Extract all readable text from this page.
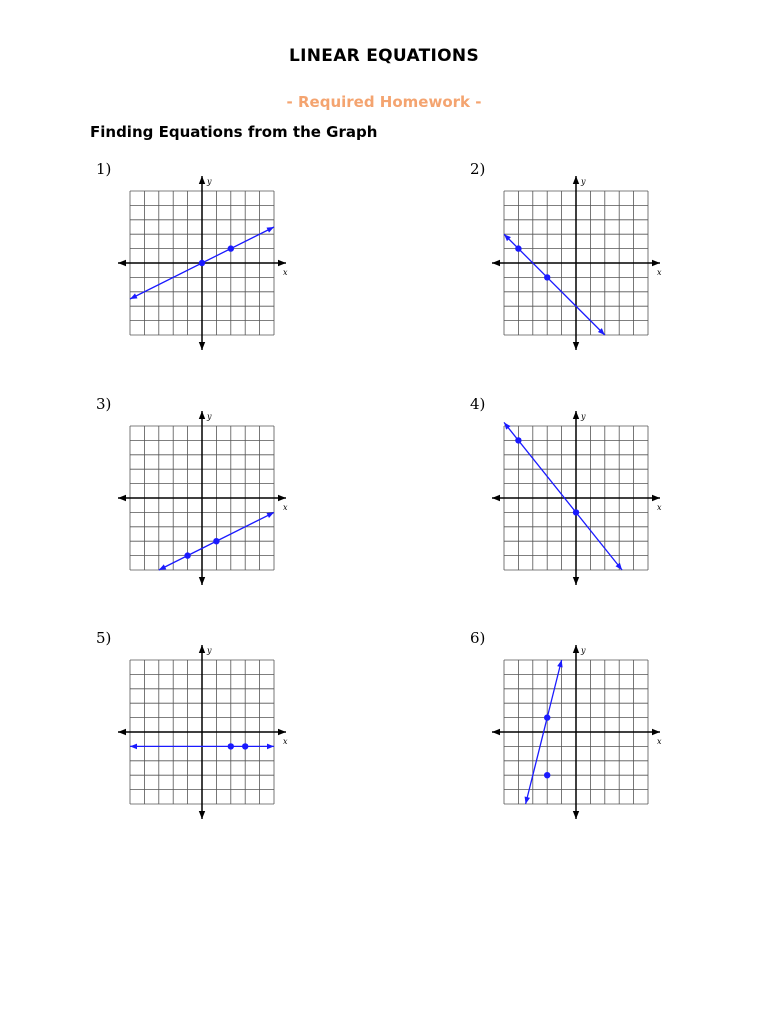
LINEAR EQUATIONS
- Required Homework -
Finding Equations from the Graph
1)
x
y
2)
x
y
3)
x
y
4)
x
y
5)
x
y
6)
x
y
